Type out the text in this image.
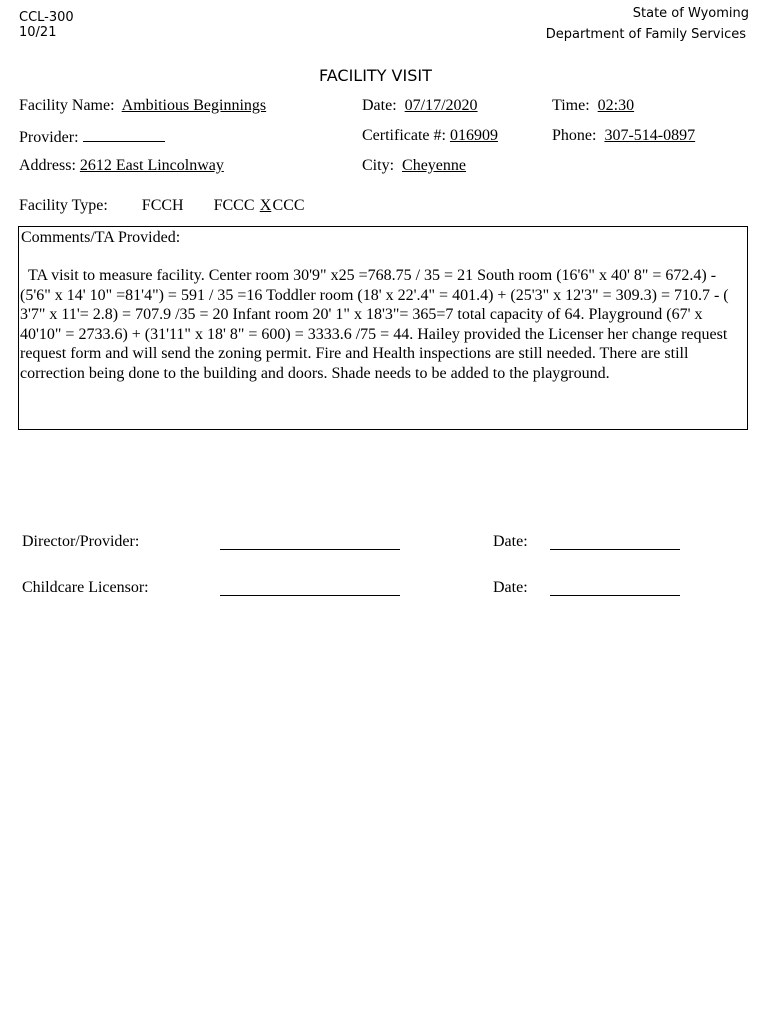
CCL-300
10/21
State of Wyoming
Department of Family Services
FACILITY VISIT
Facility Name: Ambitious Beginnings	Date: 07/17/2020	Time: 02:30
Provider:	Certificate #: 016909	Phone: 307-514-0897
Address: 2612 East Lincolnway	City: Cheyenne
Facility Type: FCCH FCCC XCCC
Comments/TA Provided:
TA visit to measure facility. Center room 30'9" x25 =768.75 / 35 = 21 South room (16'6" x 40' 8" = 672.4) - (5'6" x 14' 10" =81'4") = 591 / 35 =16 Toddler room (18' x 22'.4" = 401.4) + (25'3" x 12'3" = 309.3) = 710.7 - ( 3'7" x 11'= 2.8) = 707.9 /35 = 20 Infant room 20' 1" x 18'3"= 365=7 total capacity of 64. Playground (67' x 40'10" = 2733.6) + (31'11" x 18' 8" = 600) = 3333.6 /75 = 44. Hailey provided the Licenser her change request request form and will send the zoning permit. Fire and Health inspections are still needed. There are still correction being done to the building and doors. Shade needs to be added to the playground.
Director/Provider:	Date:
Childcare Licensor:	Date:
